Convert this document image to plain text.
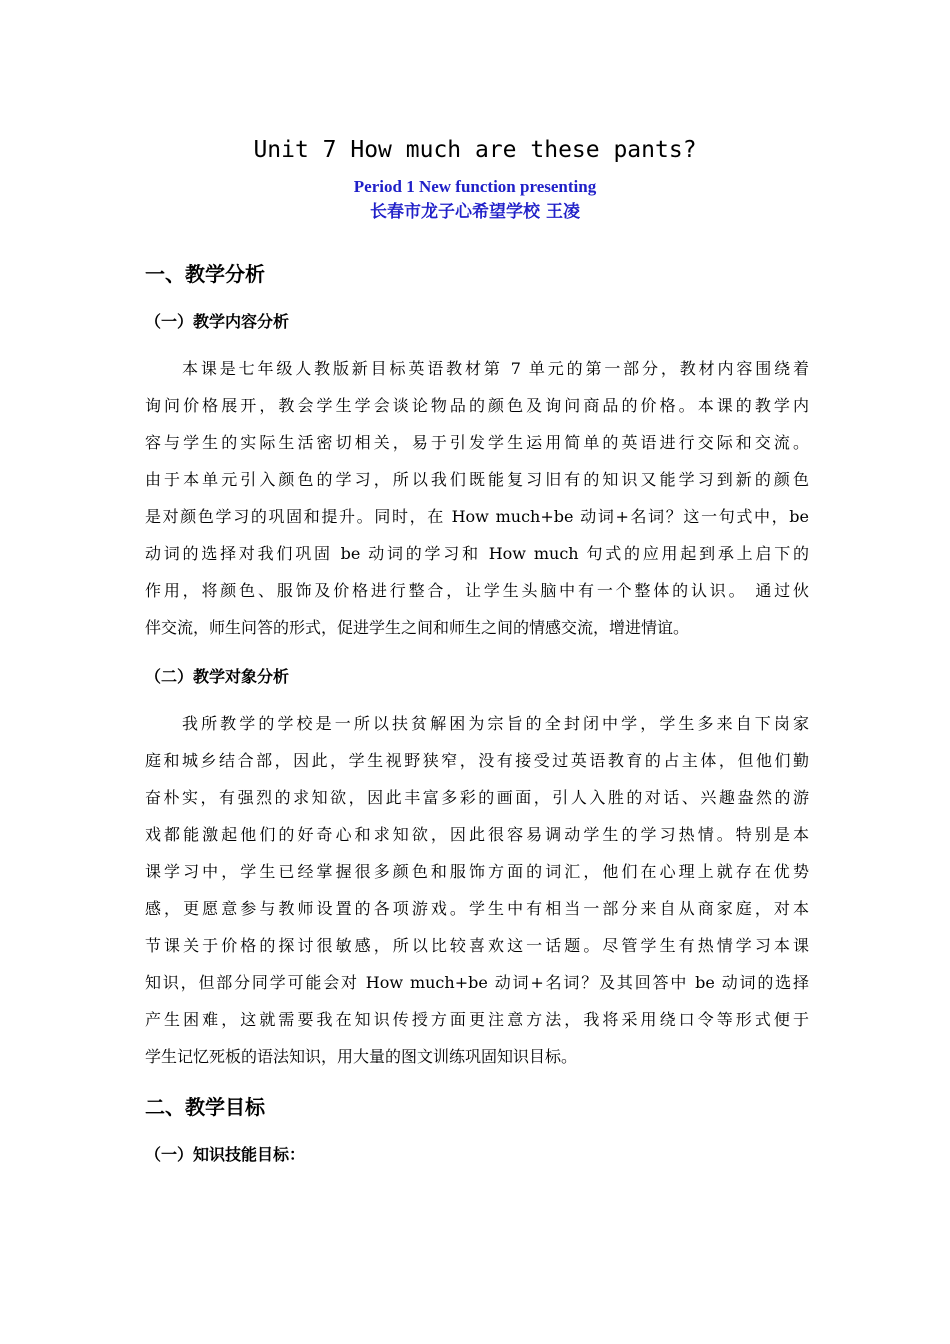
Unit 7 How much are these pants?
Period 1 New function presenting
长春市龙子心希望学校 王凌
一、教学分析
（一）教学内容分析
本课是七年级人教版新目标英语教材第 7 单元的第一部分，教材内容围绕着
询问价格展开，教会学生学会谈论物品的颜色及询问商品的价格。本课的教学内
容与学生的实际生活密切相关，易于引发学生运用简单的英语进行交际和交流。
由于本单元引入颜色的学习，所以我们既能复习旧有的知识又能学习到新的颜色
是对颜色学习的巩固和提升。同时，在 How much+be 动词+名词？这一句式中，be
动词的选择对我们巩固 be 动词的学习和 How much 句式的应用起到承上启下的
作用，将颜色、服饰及价格进行整合，让学生头脑中有一个整体的认识。 通过伙
伴交流，师生问答的形式，促进学生之间和师生之间的情感交流，增进情谊。
（二）教学对象分析
我所教学的学校是一所以扶贫解困为宗旨的全封闭中学，学生多来自下岗家
庭和城乡结合部，因此，学生视野狭窄，没有接受过英语教育的占主体，但他们勤
奋朴实，有强烈的求知欲，因此丰富多彩的画面，引人入胜的对话、兴趣盎然的游
戏都能激起他们的好奇心和求知欲，因此很容易调动学生的学习热情。特别是本
课学习中，学生已经掌握很多颜色和服饰方面的词汇，他们在心理上就存在优势
感，更愿意参与教师设置的各项游戏。学生中有相当一部分来自从商家庭，对本
节课关于价格的探讨很敏感，所以比较喜欢这一话题。尽管学生有热情学习本课
知识，但部分同学可能会对 How much+be 动词+名词？及其回答中 be 动词的选择
产生困难，这就需要我在知识传授方面更注意方法，我将采用绕口令等形式便于
学生记忆死板的语法知识，用大量的图文训练巩固知识目标。
二、教学目标
（一）知识技能目标：
